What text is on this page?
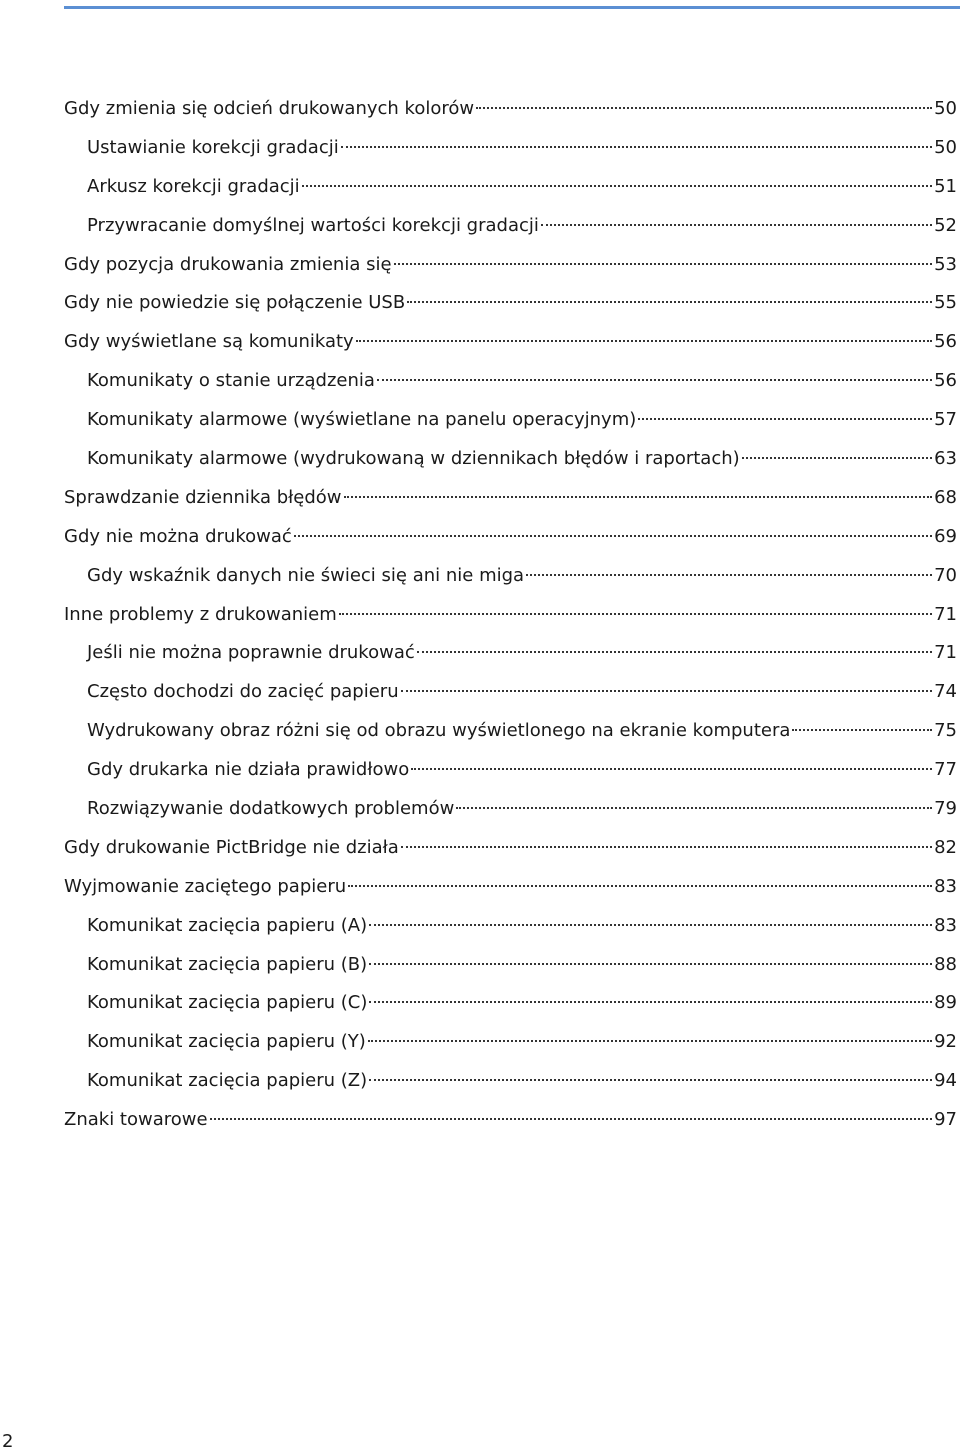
Gdy zmienia się odcień drukowanych kolorów	50
Ustawianie korekcji gradacji	50
Arkusz korekcji gradacji	51
Przywracanie domyślnej wartości korekcji gradacji	52
Gdy pozycja drukowania zmienia się	53
Gdy nie powiedzie się połączenie USB	55
Gdy wyświetlane są komunikaty	56
Komunikaty o stanie urządzenia	56
Komunikaty alarmowe (wyświetlane na panelu operacyjnym)	57
Komunikaty alarmowe (wydrukowaną w dziennikach błędów i raportach)	63
Sprawdzanie dziennika błędów	68
Gdy nie można drukować	69
Gdy wskaźnik danych nie świeci się ani nie miga	70
Inne problemy z drukowaniem	71
Jeśli nie można poprawnie drukować	71
Często dochodzi do zacięć papieru	74
Wydrukowany obraz różni się od obrazu wyświetlonego na ekranie komputera	75
Gdy drukarka nie działa prawidłowo	77
Rozwiązywanie dodatkowych problemów	79
Gdy drukowanie PictBridge nie działa	82
Wyjmowanie zaciętego papieru	83
Komunikat zacięcia papieru (A)	83
Komunikat zacięcia papieru (B)	88
Komunikat zacięcia papieru (C)	89
Komunikat zacięcia papieru (Y)	92
Komunikat zacięcia papieru (Z)	94
Znaki towarowe	97
2
